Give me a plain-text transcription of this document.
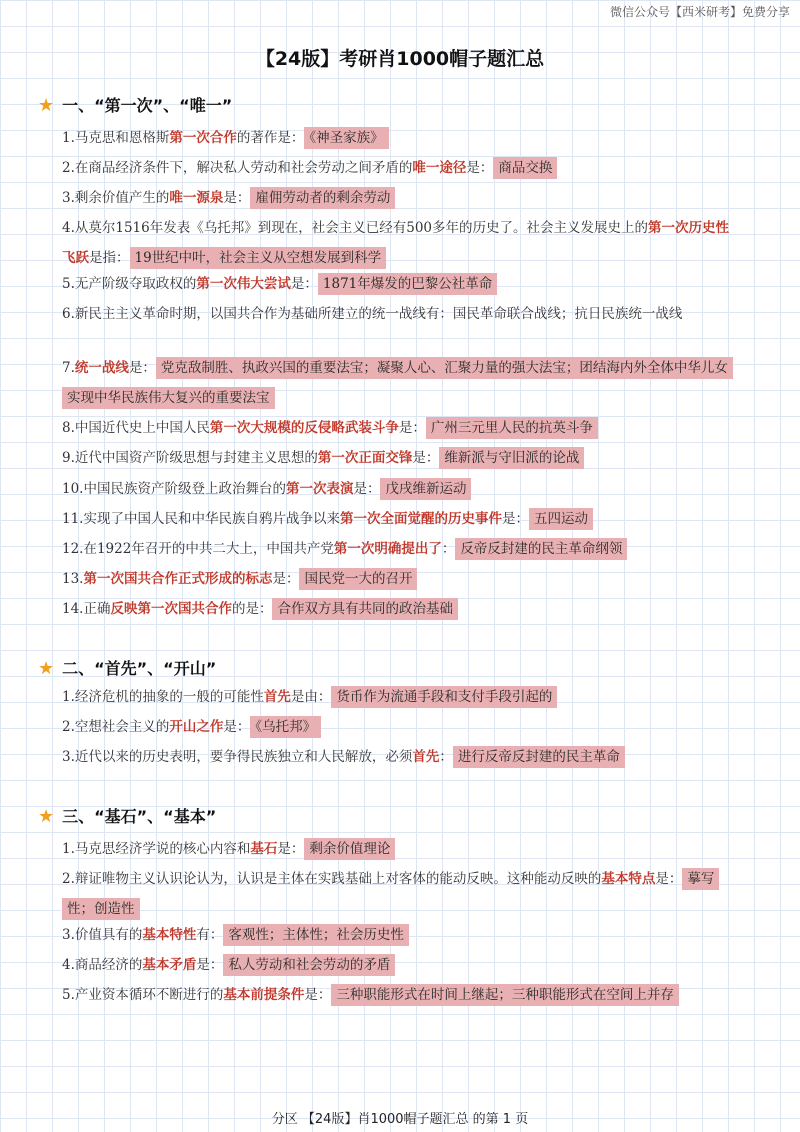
微信公众号【西米研考】免费分享
【24版】考研肖1000帽子题汇总
★ 一、“第一次”、“唯一”
1.马克思和恩格斯第一次合作的著作是： 《神圣家族》
2.在商品经济条件下，解决私人劳动和社会劳动之间矛盾的唯一途径是： 商品交换
3.剩余价值产生的唯一源泉是： 雇佣劳动者的剩余劳动
4.从莫尔1516年发表《乌托邦》到现在，社会主义已经有500多年的历史了。社会主义发展史上的第一次历史性飞跃是指： 19世纪中叶，社会主义从空想发展到科学
5.无产阶级夺取政权的第一次伟大尝试是： 1871年爆发的巴黎公社革命
6.新民主主义革命时期，以国共合作为基础所建立的统一战线有：国民革命联合战线；抗日民族统一战线
7.统一战线是： 党克敌制胜、执政兴国的重要法宝；凝聚人心、汇聚力量的强大法宝；团结海内外全体中华儿女实现中华民族伟大复兴的重要法宝
8.中国近代史上中国人民第一次大规模的反侵略武装斗争是： 广州三元里人民的抗英斗争
9.近代中国资产阶级思想与封建主义思想的第一次正面交锋是： 维新派与守旧派的论战
10.中国民族资产阶级登上政治舞台的第一次表演是： 戊戌维新运动
11.实现了中国人民和中华民族自鸦片战争以来第一次全面觉醒的历史事件是： 五四运动
12.在1922年召开的中共二大上，中国共产党第一次明确提出了： 反帝反封建的民主革命纲领
13.第一次国共合作正式形成的标志是： 国民党一大的召开
14.正确反映第一次国共合作的是： 合作双方具有共同的政治基础
★ 二、“首先”、“开山”
1.经济危机的抽象的一般的可能性首先是由： 货币作为流通手段和支付手段引起的
2.空想社会主义的开山之作是： 《乌托邦》
3.近代以来的历史表明，要争得民族独立和人民解放，必须首先： 进行反帝反封建的民主革命
★ 三、“基石”、“基本”
1.马克思经济学说的核心内容和基石是： 剩余价值理论
2.辩证唯物主义认识论认为，认识是主体在实践基础上对客体的能动反映。这种能动反映的基本特点是： 摹写性；创造性
3.价值具有的基本特性有： 客观性；主体性；社会历史性
4.商品经济的基本矛盾是： 私人劳动和社会劳动的矛盾
5.产业资本循环不断进行的基本前提条件是： 三种职能形式在时间上继起；三种职能形式在空间上并存
分区 【24版】肖1000帽子题汇总 的第 1 页
